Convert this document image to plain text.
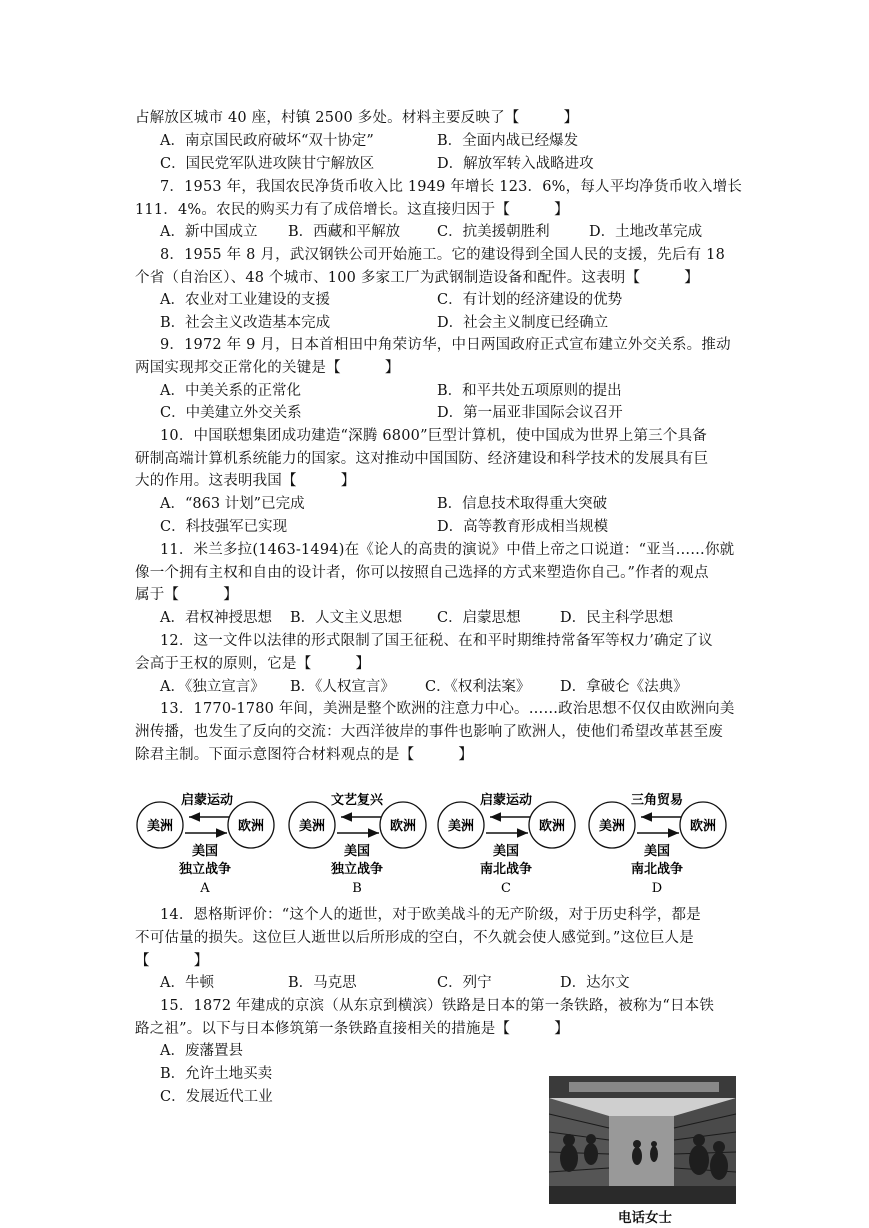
占解放区城市 40 座，村镇 2500 多处。材料主要反映了【　　　】
A．南京国民政府破坏“双十协定”	B．全面内战已经爆发
C．国民党军队进攻陕甘宁解放区	D．解放军转入战略进攻
7．1953 年，我国农民净货币收入比 1949 年增长 123．6%，每人平均净货币收入增长
111．4%。农民的购买力有了成倍增长。这直接归因于【　　　】
A．新中国成立 B．西藏和平解放	C．抗美援朝胜利	D．土地改革完成
8．1955 年 8 月，武汉钢铁公司开始施工。它的建设得到全国人民的支援，先后有 18
个省（自治区）、48 个城市、100 多家工厂为武钢制造设备和配件。这表明【　　　】
A．农业对工业建设的支援	C．有计划的经济建设的优势
B．社会主义改造基本完成	D．社会主义制度已经确立
9．1972 年 9 月，日本首相田中角荣访华，中日两国政府正式宣布建立外交关系。推动
两国实现邦交正常化的关键是【　　　】
A．中美关系的正常化	B．和平共处五项原则的提出
C．中美建立外交关系	D．第一届亚非国际会议召开
10．中国联想集团成功建造“深腾 6800”巨型计算机，使中国成为世界上第三个具备
研制高端计算机系统能力的国家。这对推动中国国防、经济建设和科学技术的发展具有巨
大的作用。这表明我国【　　　】
A．“863 计划”已完成	B．信息技术取得重大突破
C．科技强军已实现	D．高等教育形成相当规模
11．米兰多拉(1463-1494)在《论人的高贵的演说》中借上帝之口说道：“亚当……你就
像一个拥有主权和自由的设计者，你可以按照自己选择的方式来塑造你自己。”作者的观点
属于【　　　】
A．君权神授思想 B．人文主义思想 C．启蒙思想	D．民主科学思想
12．这一文件以法律的形式限制了国王征税、在和平时期维持常备军等权力’确定了议
会高于王权的原则，它是【　　　】
A．《独立宣言》 B．《人权宣言》 C．《权利法案》 D．拿破仑《法典》
13．1770-1780 年间，美洲是整个欧洲的注意力中心。……政治思想不仅仅由欧洲向美
洲传播，也发生了反向的交流：大西洋彼岸的事件也影响了欧洲人，使他们希望改革甚至废
除君主制。下面示意图符合材料观点的是【　　　】
启蒙运动
美洲	欧洲
美国
独立战争
A
文艺复兴
美洲	欧洲
美国
独立战争
B
启蒙运动
美洲	欧洲
美国
南北战争
C
三角贸易
美洲	欧洲
美国
南北战争
D
14．恩格斯评价：“这个人的逝世，对于欧美战斗的无产阶级，对于历史科学，都是
不可估量的损失。这位巨人逝世以后所形成的空白，不久就会使人感觉到。”这位巨人是
【　　　】
A．牛顿	B．马克思	C．列宁	D．达尔文
15．1872 年建成的京滨（从东京到横滨）铁路是日本的第一条铁路，被称为“日本铁
路之祖”。以下与日本修筑第一条铁路直接相关的措施是【　　　】
A．废藩置县
B．允许土地买卖
C．发展近代工业
电话女士
